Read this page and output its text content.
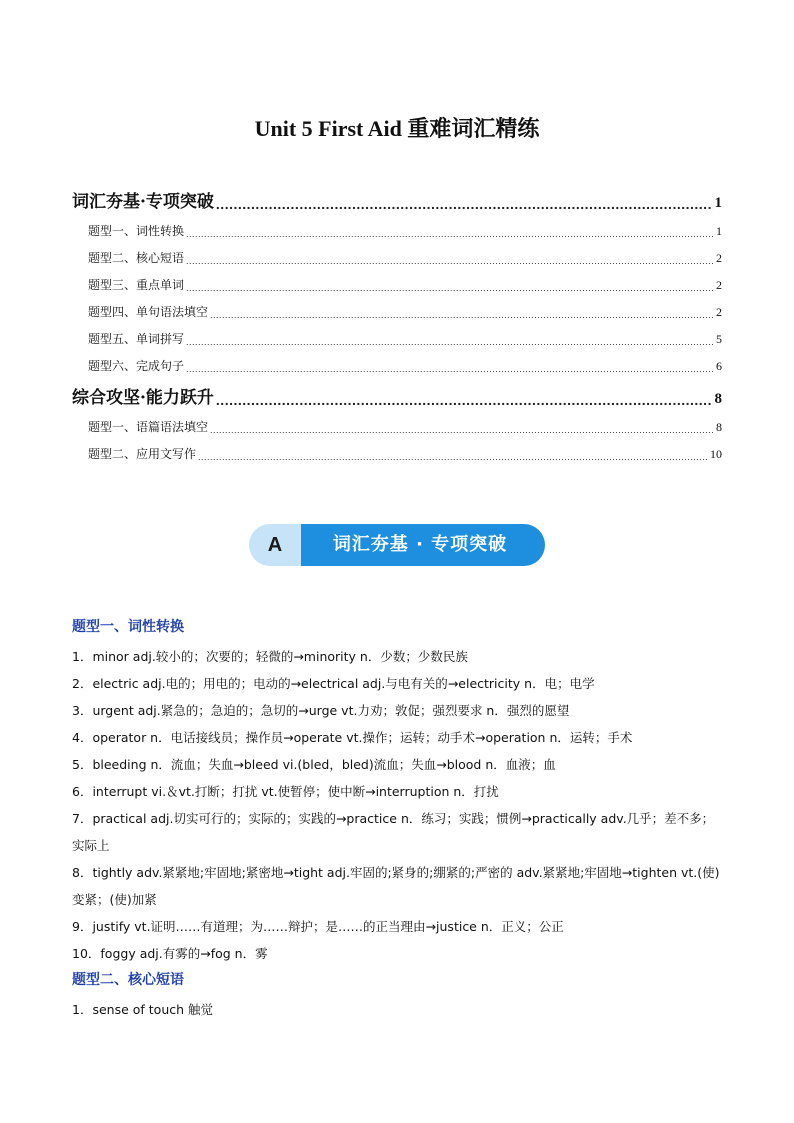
Unit 5 First Aid 重难词汇精练
词汇夯基·专项突破 .....	1
题型一、词性转换 .....	1
题型二、核心短语 .....	2
题型三、重点单词 .....	2
题型四、单句语法填空 .....	2
题型五、单词拼写 .....	5
题型六、完成句子 .....	6
综合攻坚·能力跃升 .....	8
题型一、语篇语法填空 .....	8
题型二、应用文写作 .....	10
词汇夯基 · 专项突破
A
题型一、词性转换
1．minor adj.较小的；次要的；轻微的→minority n．少数；少数民族
2．electric adj.电的；用电的；电动的→electrical adj.与电有关的→electricity n．电；电学
3．urgent adj.紧急的；急迫的；急切的→urge vt.力劝；敦促；强烈要求 n．强烈的愿望
4．operator n．电话接线员；操作员→operate vt.操作；运转；动手术→operation n．运转；手术
5．bleeding n．流血；失血→bleed vi.(bled，bled)流血；失血→blood n．血液；血
6．interrupt vi.＆vt.打断；打扰 vt.使暂停；使中断→interruption n．打扰
7．practical adj.切实可行的；实际的；实践的→practice n．练习；实践；惯例→practically adv.几乎；差不多；实际上
8．tightly adv.紧紧地;牢固地;紧密地→tight adj.牢固的;紧身的;绷紧的;严密的 adv.紧紧地;牢固地→tighten vt.(使)变紧；(使)加紧
9．justify vt.证明……有道理；为……辩护；是……的正当理由→justice n．正义；公正
10．foggy adj.有雾的→fog n．雾
题型二、核心短语
1．sense of touch 触觉
